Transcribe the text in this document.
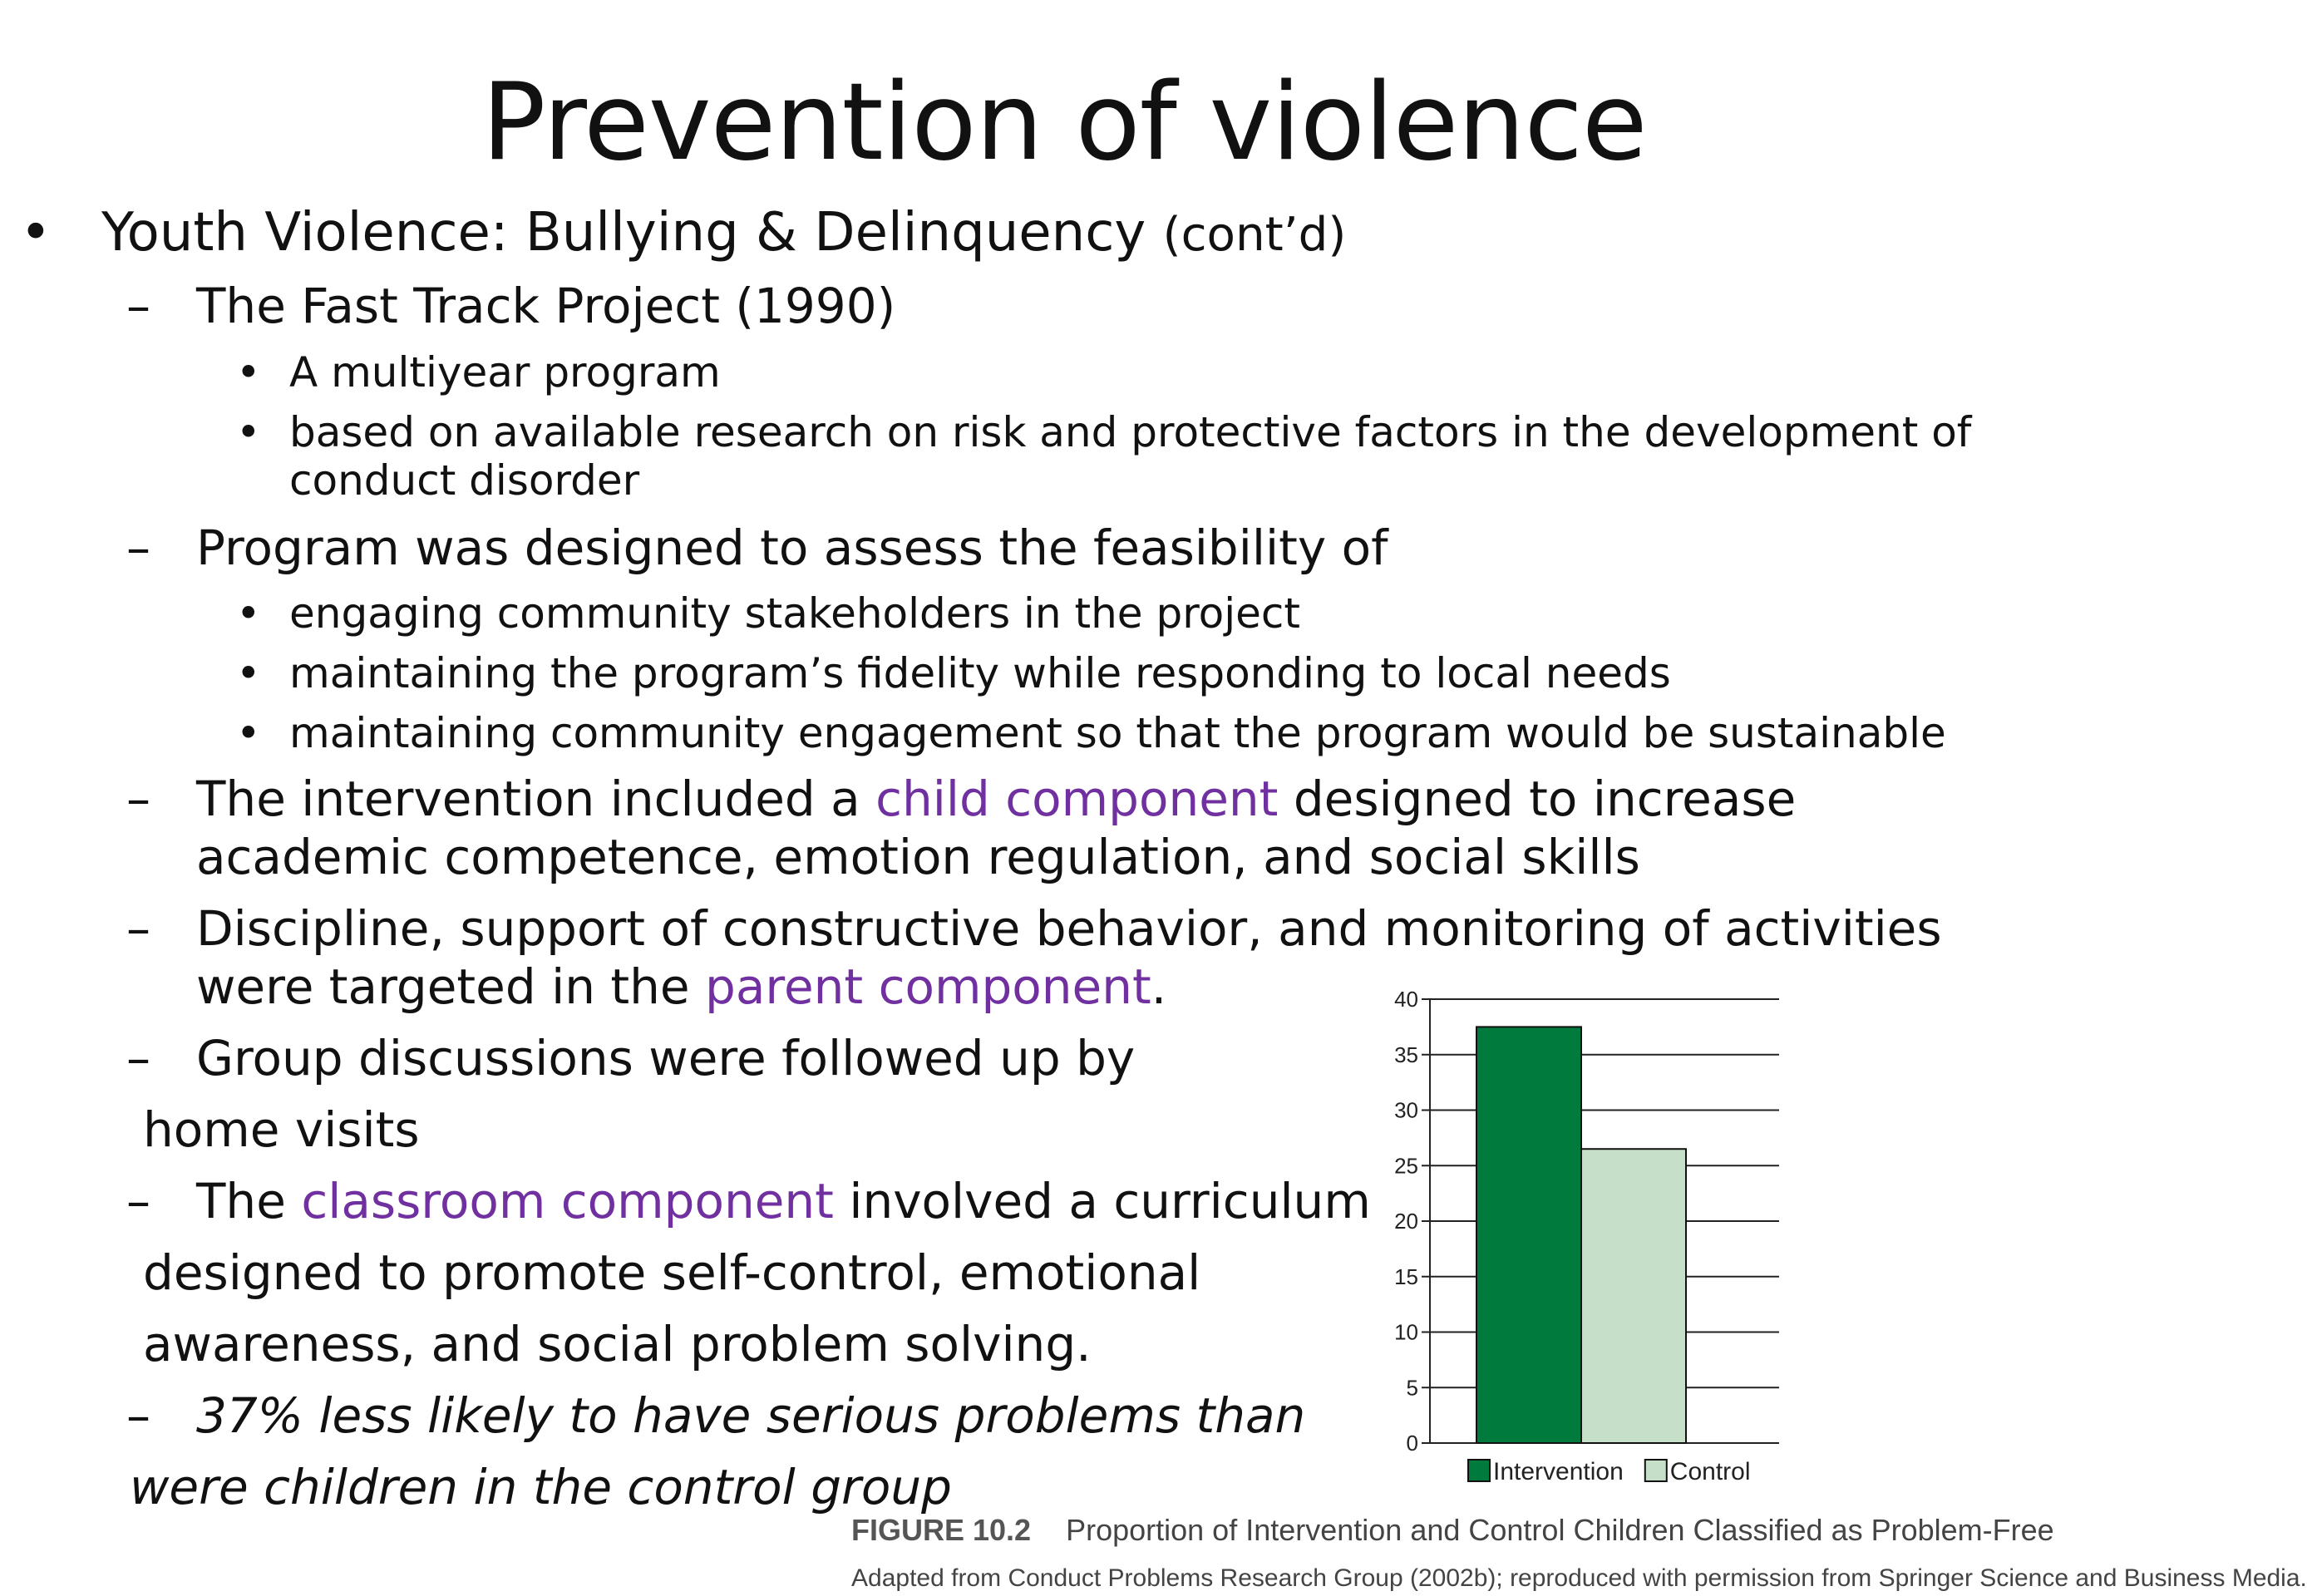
Prevention of violence
• Youth Violence: Bullying & Delinquency (cont’d)
– The Fast Track Project (1990)
• A multiyear program
• based on available research on risk and protective factors in the development of
conduct disorder
– Program was designed to assess the feasibility of
• engaging community stakeholders in the project
• maintaining the program’s fidelity while responding to local needs
• maintaining community engagement so that the program would be sustainable
– The intervention included a child component designed to increase
academic competence, emotion regulation, and social skills
– Discipline, support of constructive behavior, and monitoring of activities
were targeted in the parent component.
– Group discussions were followed up by
home visits
– The classroom component involved a curriculum
designed to promote self-control, emotional
awareness, and social problem solving.
– 37% less likely to have serious problems than
were children in the control group
0
5
10
15
20
25
30
35
40
Intervention Control
FIGURE 10.2 Proportion of Intervention and Control Children Classified as Problem-Free
Adapted from Conduct Problems Research Group (2002b); reproduced with permission from Springer Science and Business Media.
